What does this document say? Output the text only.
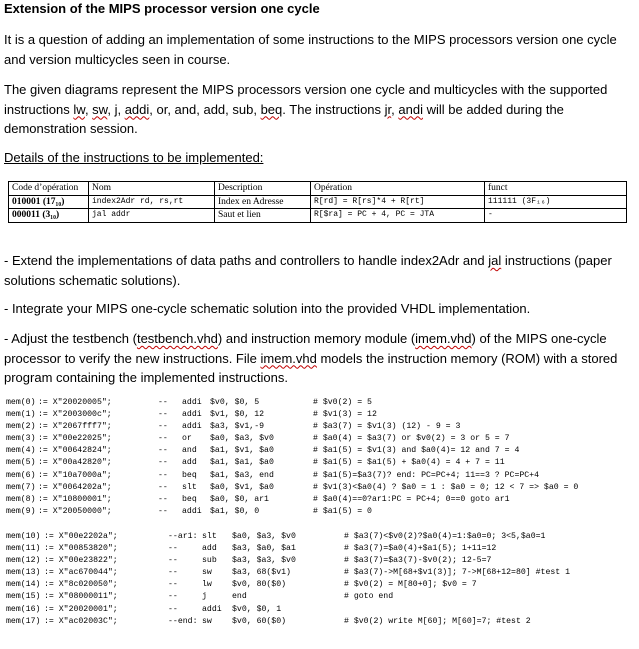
Extension of the MIPS processor version one cycle
It is a question of adding an implementation of some instructions to the MIPS processors version one cycle and version multicycles seen in course.
The given diagrams represent the MIPS processors version one cycle and multicycles with the supported instructions lw, sw, j, addi, or, and, add, sub, beq. The instructions jr, andi will be added during the demonstration session.
Details of the instructions to be implemented:
Code d’opération	Nom	Description	Opération	funct
010001 (17₁₀)	index2Adr rd, rs,rt	Index en Adresse	R[rd] = R[rs]*4 + R[rt]	111111 (3F₁₆)
000011 (3₁₀)	jal addr	Saut et lien	R[$ra] = PC + 4, PC = JTA	-
- Extend the implementations of data paths and controllers to handle index2Adr and jal instructions (paper solutions schematic solutions).
- Integrate your MIPS one-cycle schematic solution into the provided VHDL implementation.
- Adjust the testbench (testbench.vhd) and instruction memory module (imem.vhd) of the MIPS one-cycle processor to verify the new instructions. File imem.vhd models the instruction memory (ROM) with a stored program containing the implemented instructions.
mem(0) := X"20020005";	-- addi $v0, $0, 5	# $v0(2) = 5
mem(1) := X"2003000c";	-- addi $v1, $0, 12	# $v1(3) = 12
mem(2) := X"2067fff7";	-- addi $a3, $v1,-9	# $a3(7) = $v1(3) (12) - 9 = 3
mem(3) := X"00e22025";	-- or $a0, $a3, $v0	# $a0(4) = $a3(7) or $v0(2) = 3 or 5 = 7
mem(4) := X"00642824";	-- and $a1, $v1, $a0	# $a1(5) = $v1(3) and $a0(4)= 12 and 7 = 4
mem(5) := X"00a42820";	-- add $a1, $a1, $a0	# $a1(5) = $a1(5) + $a0(4) = 4 + 7 = 11
mem(6) := X"10a7000a";	-- beq $a1, $a3, end	# $a1(5)=$a3(7)? end: PC=PC+4; 11==3 ? PC=PC+4
mem(7) := X"0064202a";	-- slt $a0, $v1, $a0	# $v1(3)<$a0(4) ? $a0 = 1 : $a0 = 0; 12 < 7 => $a0 = 0
mem(8) := X"10800001";	-- beq $a0, $0, ar1	# $a0(4)==0?ar1:PC = PC+4; 0==0 goto ar1
mem(9) := X"20050000";	-- addi $a1, $0, 0	# $a1(5) = 0
mem(10) := X"00e2202a";	--ar1: slt $a0, $a3, $v0	# $a3(7)<$v0(2)?$a0(4)=1:$a0=0; 3<5,$a0=1
mem(11) := X"00853820";	--	add $a3, $a0, $a1	# $a3(7)=$a0(4)+$a1(5); 1+11=12
mem(12) := X"00e23822";	--	sub $a3, $a3, $v0	# $a3(7)=$a3(7)-$v0(2); 12-5=7
mem(13) := X"ac670044";	--	sw $a3, 68($v1)	# $a3(7)->M[68+$v1(3)]; 7->M[68+12=80] #test 1
mem(14) := X"8c020050";	--	lw $v0, 80($0)	# $v0(2) = M[80+0]; $v0 = 7
mem(15) := X"08000011";	--	j	end	# goto end
mem(16) := X"20020001";	--	addi $v0, $0, 1
mem(17) := X"ac02003C";	--end: sw $v0, 60($0)	# $v0(2) write M[60]; M[60]=7; #test 2
